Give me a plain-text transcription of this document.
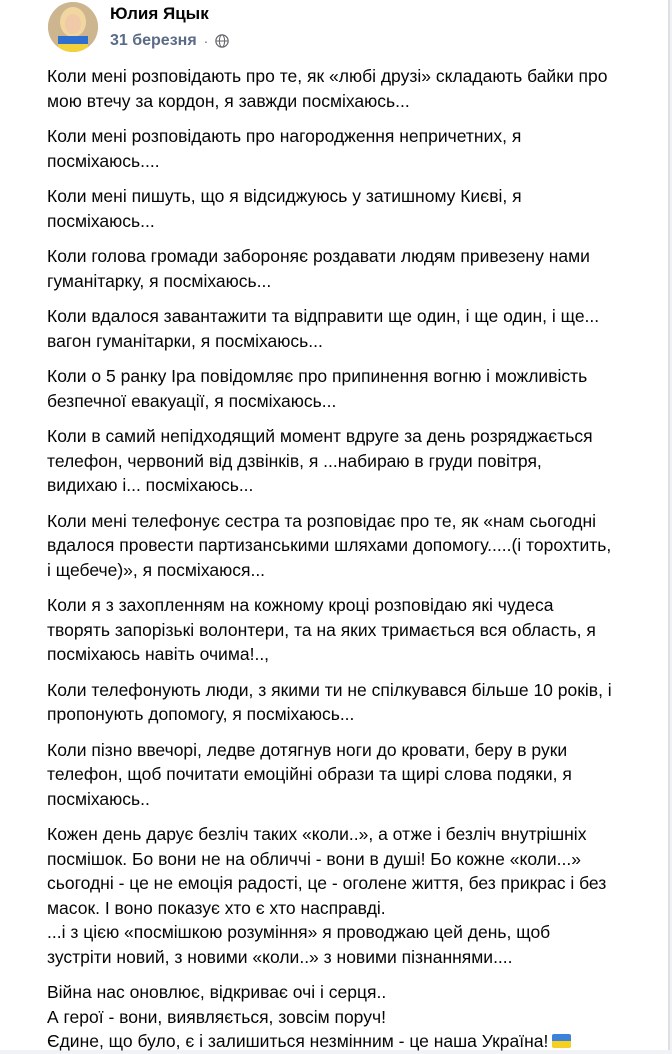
Юлия Яцык
31 березня ·

Коли мені розповідають про те, як «любі друзі» складають байки про
мою втечу за кордон, я завжди посміхаюсь...

Коли мені розповідають про нагородження непричетних, я
посміхаюсь....

Коли мені пишуть, що я відсиджуюсь у затишному Києві, я
посміхаюсь...

Коли голова громади забороняє роздавати людям привезену нами
гуманітарку, я посміхаюсь...

Коли вдалося завантажити та відправити ще один, і ще один, і ще...
вагон гуманітарки, я посміхаюсь...

Коли о 5 ранку Іра повідомляє про припинення вогню і можливість
безпечної евакуації, я посміхаюсь...

Коли в самий непідходящий момент вдруге за день розряджається
телефон, червоний від дзвінків, я ...набираю в груди повітря,
видихаю і... посміхаюсь...

Коли мені телефонує сестра та розповідає про те, як «нам сьогодні
вдалося провести партизанськими шляхами допомогу.....(і торохтить,
і щебече)», я посміхаюся...

Коли я з захопленням на кожному кроці розповідаю які чудеса
творять запорізькі волонтери, та на яких тримається вся область, я
посміхаюсь навіть очима!..,

Коли телефонують люди, з якими ти не спілкувався більше 10 років, і
пропонують допомогу, я посміхаюсь...

Коли пізно ввечорі, ледве дотягнув ноги до кровати, беру в руки
телефон, щоб почитати емоційні образи та щирі слова подяки, я
посміхаюсь..

Кожен день дарує безліч таких «коли..», а отже і безліч внутрішніх
посмішок. Бо вони не на обличчі - вони в душі! Бо кожне «коли...»
сьогодні - це не емоція радості, це - оголене життя, без прикрас і без
масок. І воно показує хто є хто насправді.
...і з цією «посмішкою розуміння» я проводжаю цей день, щоб
зустріти новий, з новими «коли..» з новими пізнаннями....

Війна нас оновлює, відкриває очі і серця..
А герої - вони, виявляється, зовсім поруч!
Єдине, що було, є і залишиться незмінним - це наша Україна!
